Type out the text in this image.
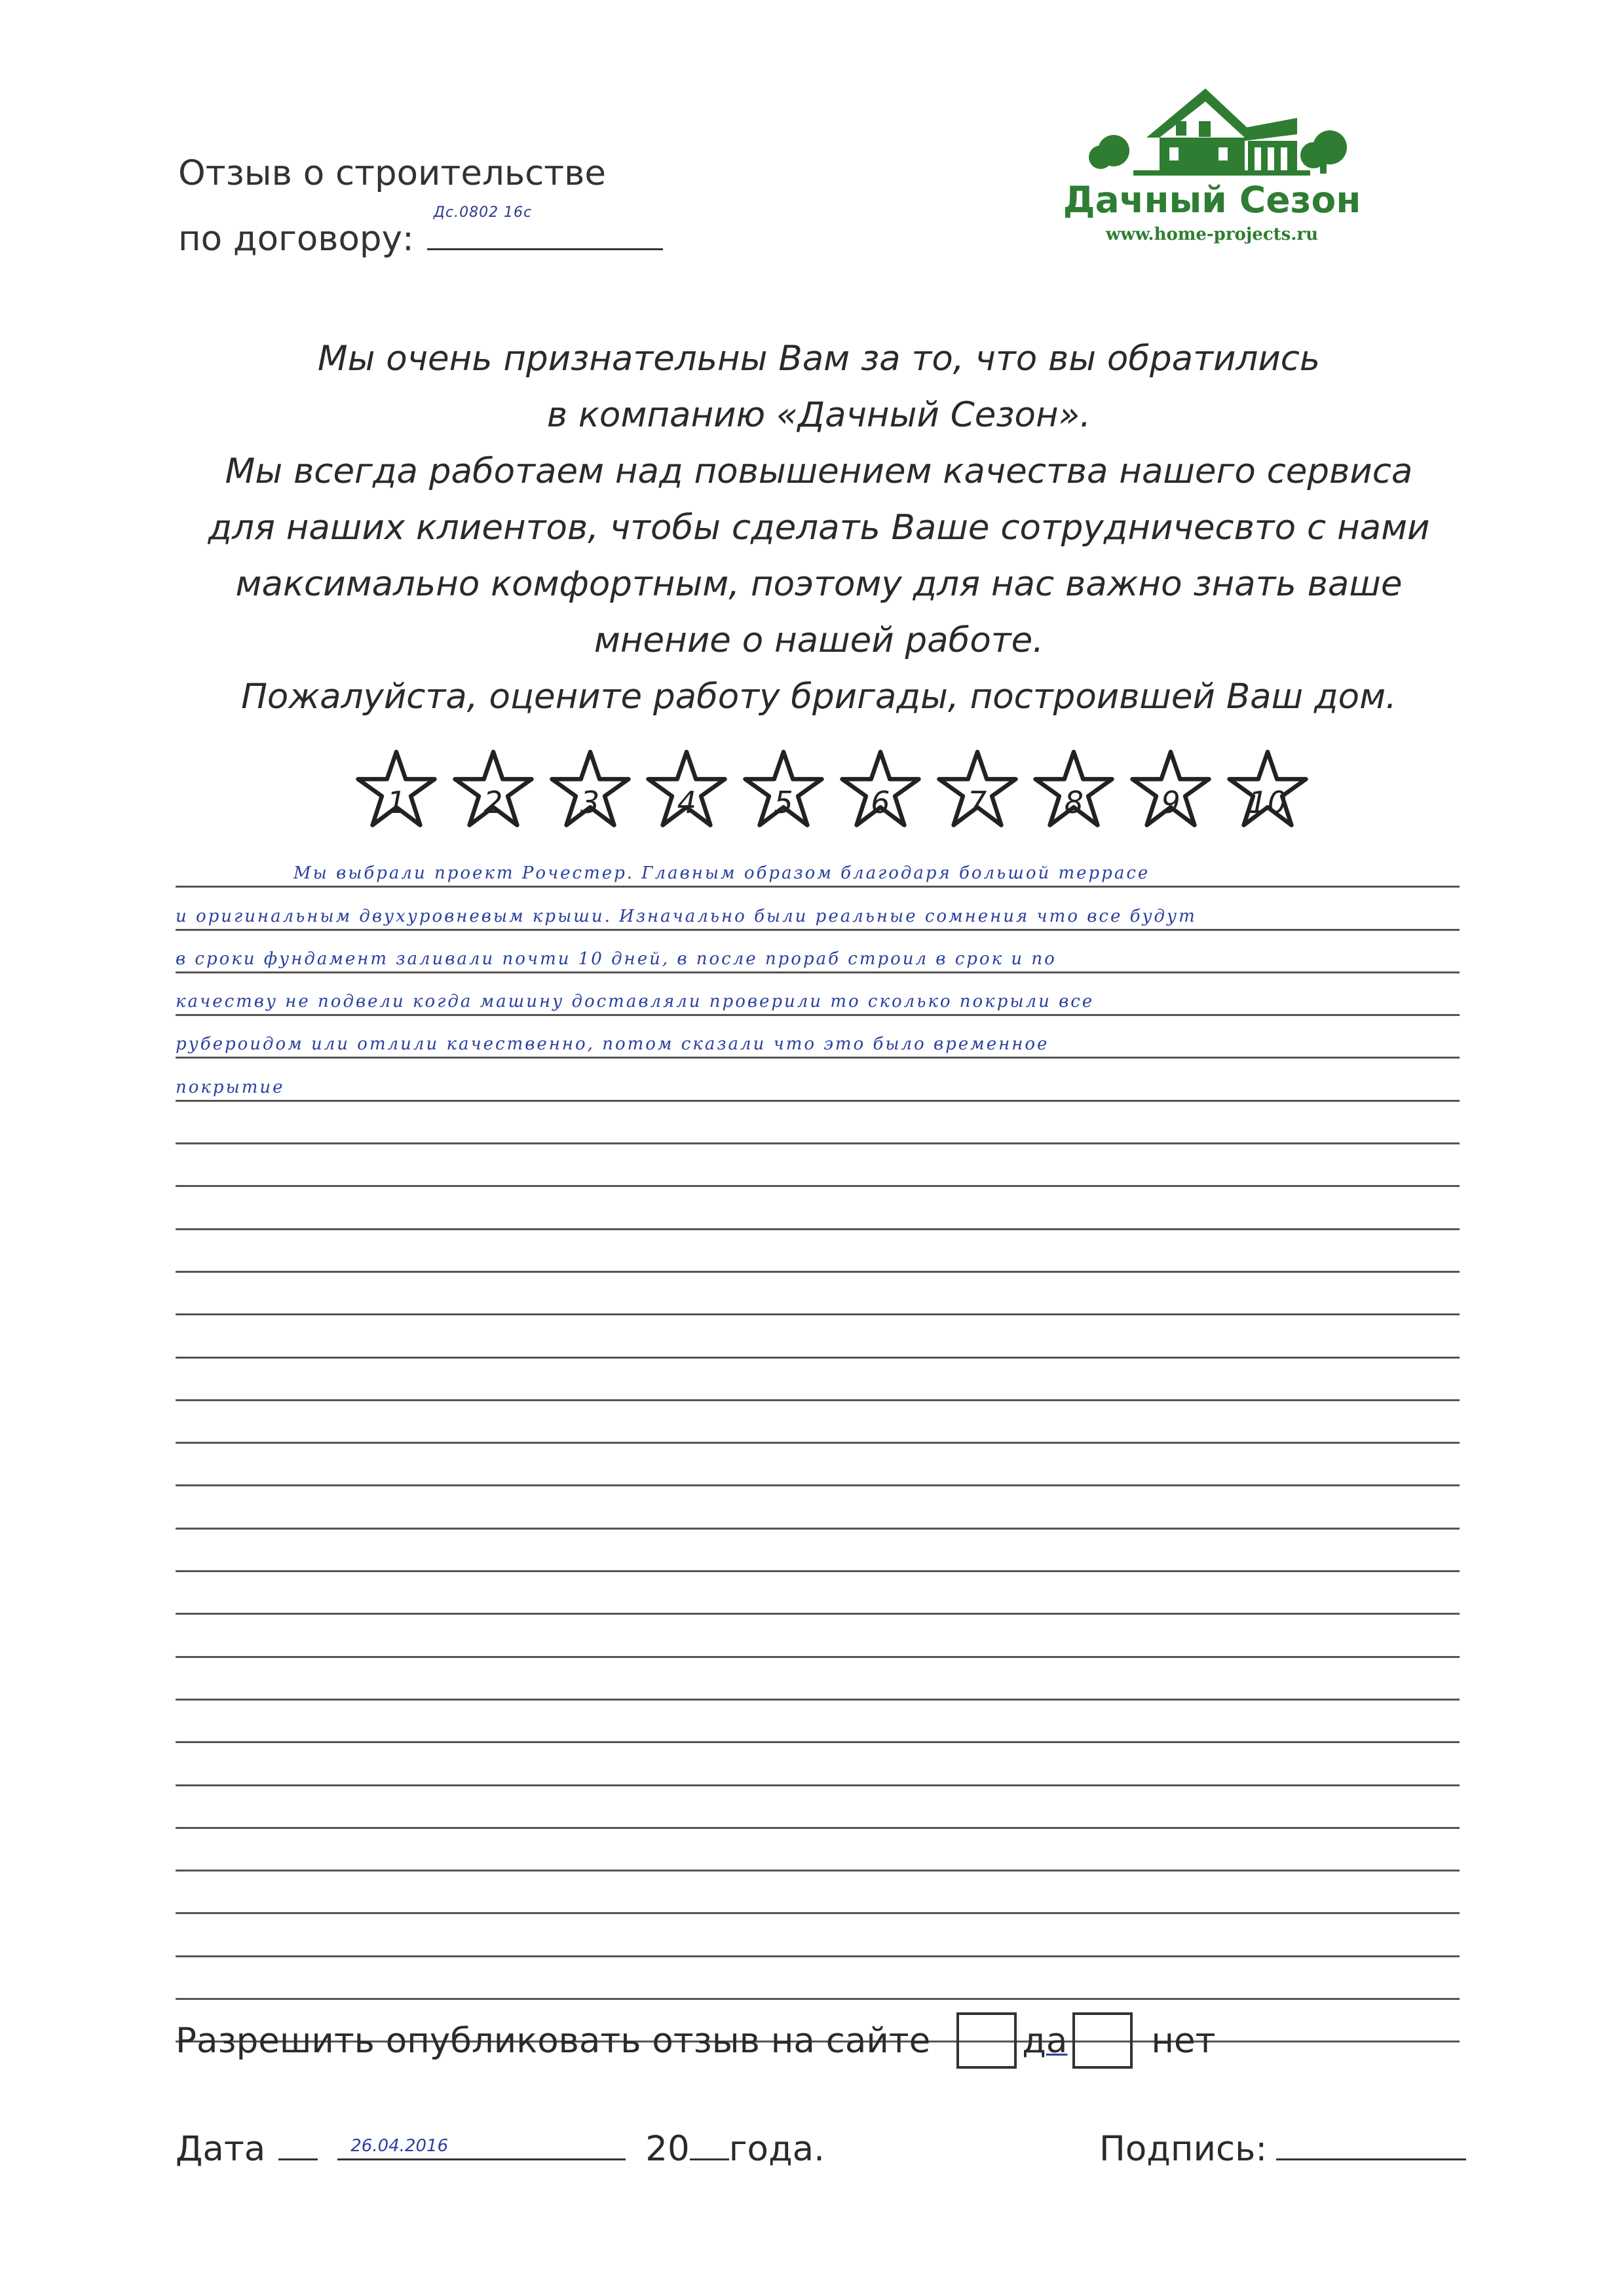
Отзыв о строительстве
по договору:
Дс.0802 16с	Дачный Сезон
www.home-projects.ru

Мы очень признательны Вам за то, что вы обратились

в компанию «Дачный Сезон».

Мы всегда работаем над повышением качества нашего сервиса

для наших клиентов, чтобы сделать Ваше сотрудничесвто с нами

максимально комфортным, поэтому для нас важно знать ваше

мнение о нашей работе.

Пожалуйста, оцените работу бригады, построившей Ваш дом.

1	2	3	4	5	6	7	8	9	10
Мы выбрали проект Рочестер. Главным образом благодаря большой террасе
и оригинальным двухуровневым крыши. Изначально были реальные сомнения что все будут
в сроки фундамент заливали почти 10 дней, в после прораб строил в срок и по
качеству не подвели когда машину доставляли проверили то сколько покрыли все
рубероидом или отлили качественно, потом сказали что это было временное
покрытие
Разрешить опубликовать отзыв на сайте	да нет
Дата	26.04.2016	20 года.	Подпись:
